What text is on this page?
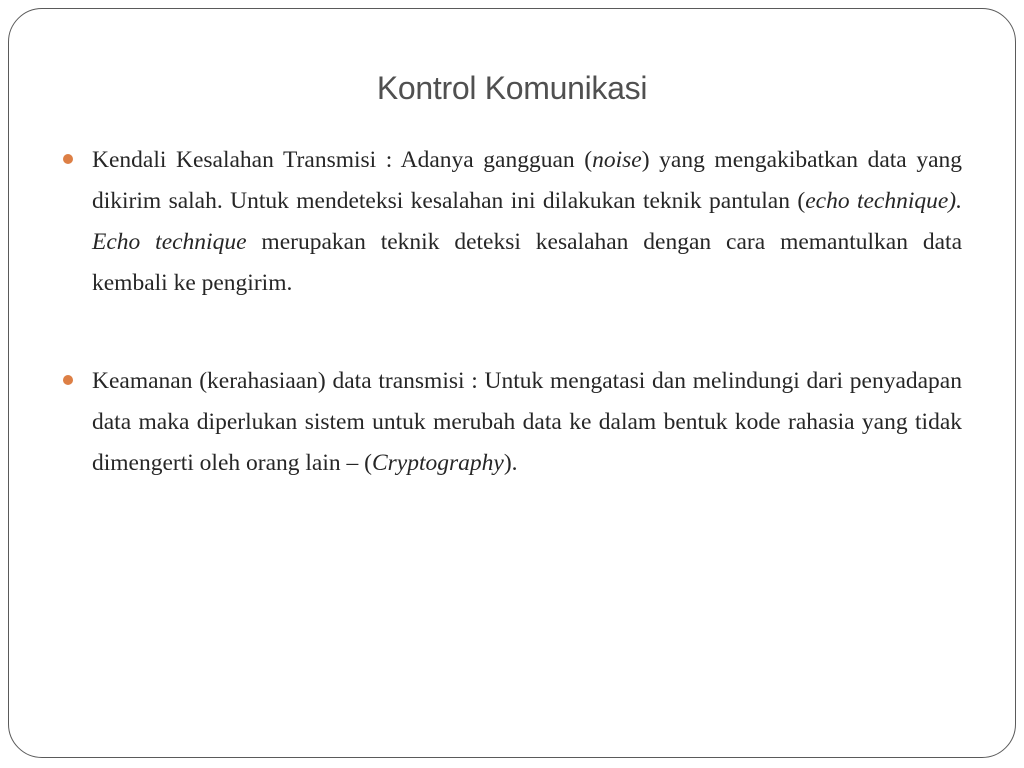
Kontrol Komunikasi
Kendali Kesalahan Transmisi : Adanya gangguan (noise) yang mengakibatkan data yang dikirim salah. Untuk mendeteksi kesalahan ini dilakukan teknik pantulan (echo technique). Echo technique merupakan teknik deteksi kesalahan dengan cara memantulkan data kembali ke pengirim.
Keamanan (kerahasiaan) data transmisi : Untuk mengatasi dan melindungi dari penyadapan data maka diperlukan sistem untuk merubah data ke dalam bentuk kode rahasia yang tidak dimengerti oleh orang lain – (Cryptography).
